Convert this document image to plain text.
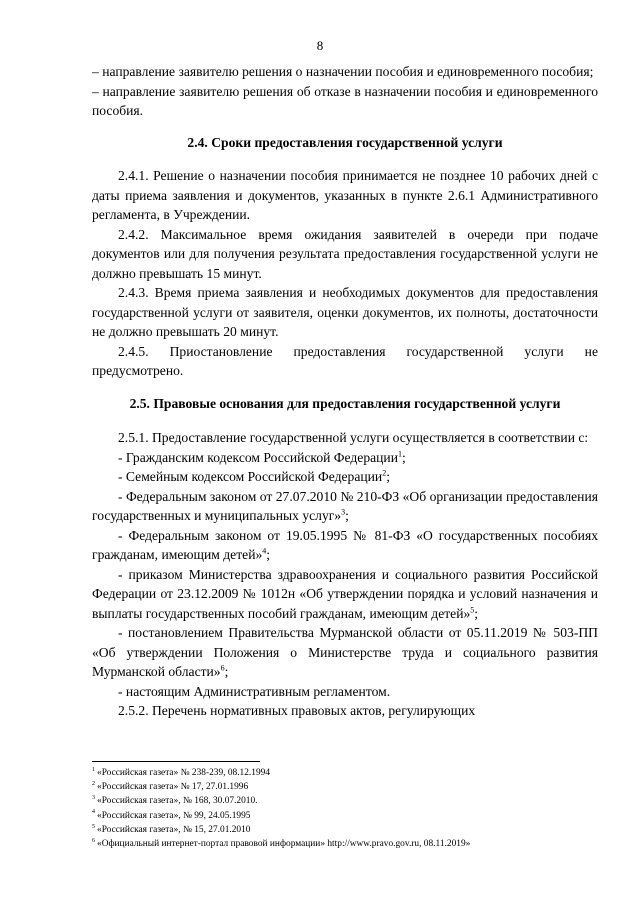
8

– направление заявителю решения о назначении пособия и единовременного пособия;

– направление заявителю решения об отказе в назначении пособия и единовременного пособия.

2.4. Сроки предоставления государственной услуги

2.4.1. Решение о назначении пособия принимается не позднее 10 рабочих дней с даты приема заявления и документов, указанных в пункте 2.6.1 Административного регламента, в Учреждении.

2.4.2. Максимальное время ожидания заявителей в очереди при подаче документов или для получения результата предоставления государственной услуги не должно превышать 15 минут.

2.4.3. Время приема заявления и необходимых документов для предоставления государственной услуги от заявителя, оценки документов, их полноты, достаточности не должно превышать 20 минут.

2.4.5. Приостановление предоставления государственной услуги не предусмотрено.

2.5. Правовые основания для предоставления государственной услуги

2.5.1. Предоставление государственной услуги осуществляется в соответствии с:

- Гражданским кодексом Российской Федерации$^1$;

- Семейным кодексом Российской Федерации$^2$;

- Федеральным законом от 27.07.2010 № 210-ФЗ «Об организации предоставления государственных и муниципальных услуг»$^3$;

- Федеральным законом от 19.05.1995 № 81-ФЗ «О государственных пособиях гражданам, имеющим детей»$^4$;

- приказом Министерства здравоохранения и социального развития Российской Федерации от 23.12.2009 № 1012н «Об утверждении порядка и условий назначения и выплаты государственных пособий гражданам, имеющим детей»$^5$;

- постановлением Правительства Мурманской области от 05.11.2019 № 503-ПП «Об утверждении Положения о Министерстве труда и социального развития Мурманской области»$^6$;

- настоящим Административным регламентом.

2.5.2. Перечень нормативных правовых актов, регулирующих

$^1$ «Российская газета» № 238-239, 08.12.1994

$^2$ «Российская газета» № 17, 27.01.1996

$^3$ «Российская газета», № 168, 30.07.2010.

$^4$ «Российская газета», № 99, 24.05.1995

$^5$ «Российская газета», № 15, 27.01.2010

$^6$ «Официальный интернет-портал правовой информации» http://www.pravo.gov.ru, 08.11.2019»
